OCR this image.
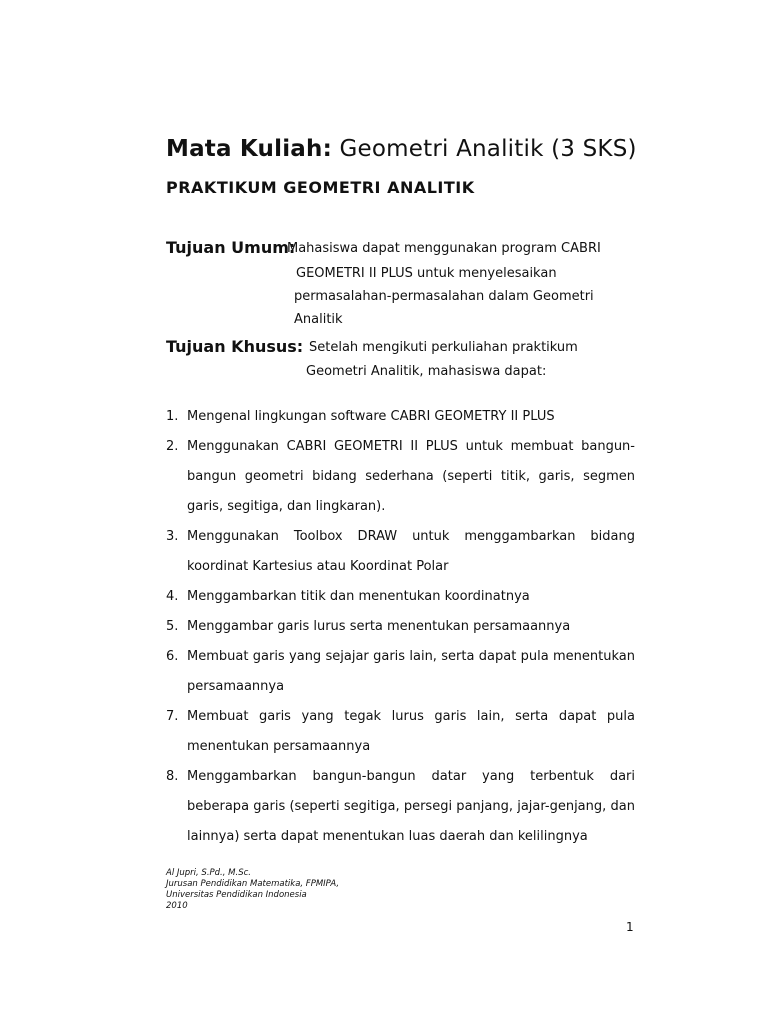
Mata Kuliah: Geometri Analitik (3 SKS)
PRAKTIKUM GEOMETRI ANALITIK
Tujuan Umum:
Mahasiswa dapat menggunakan program CABRI
GEOMETRI II PLUS untuk menyelesaikan
permasalahan-permasalahan dalam Geometri
Analitik
Tujuan Khusus: Setelah mengikuti perkuliahan praktikum
Geometri Analitik, mahasiswa dapat:
1. Mengenal lingkungan software CABRI GEOMETRY II PLUS
2. Menggunakan CABRI GEOMETRI II PLUS untuk membuat bangun-bangun geometri bidang sederhana (seperti titik, garis, segmen garis, segitiga, dan lingkaran).
3. Menggunakan Toolbox DRAW untuk menggambarkan bidang koordinat Kartesius atau Koordinat Polar
4. Menggambarkan titik dan menentukan koordinatnya
5. Menggambar garis lurus serta menentukan persamaannya
6. Membuat garis yang sejajar garis lain, serta dapat pula menentukan persamaannya
7. Membuat garis yang tegak lurus garis lain, serta dapat pula menentukan persamaannya
8. Menggambarkan bangun-bangun datar yang terbentuk dari beberapa garis (seperti segitiga, persegi panjang, jajar-genjang, dan lainnya) serta dapat menentukan luas daerah dan kelilingnya
Al Jupri, S.Pd., M.Sc.
Jurusan Pendidikan Matematika, FPMIPA,
Universitas Pendidikan Indonesia
2010
1
